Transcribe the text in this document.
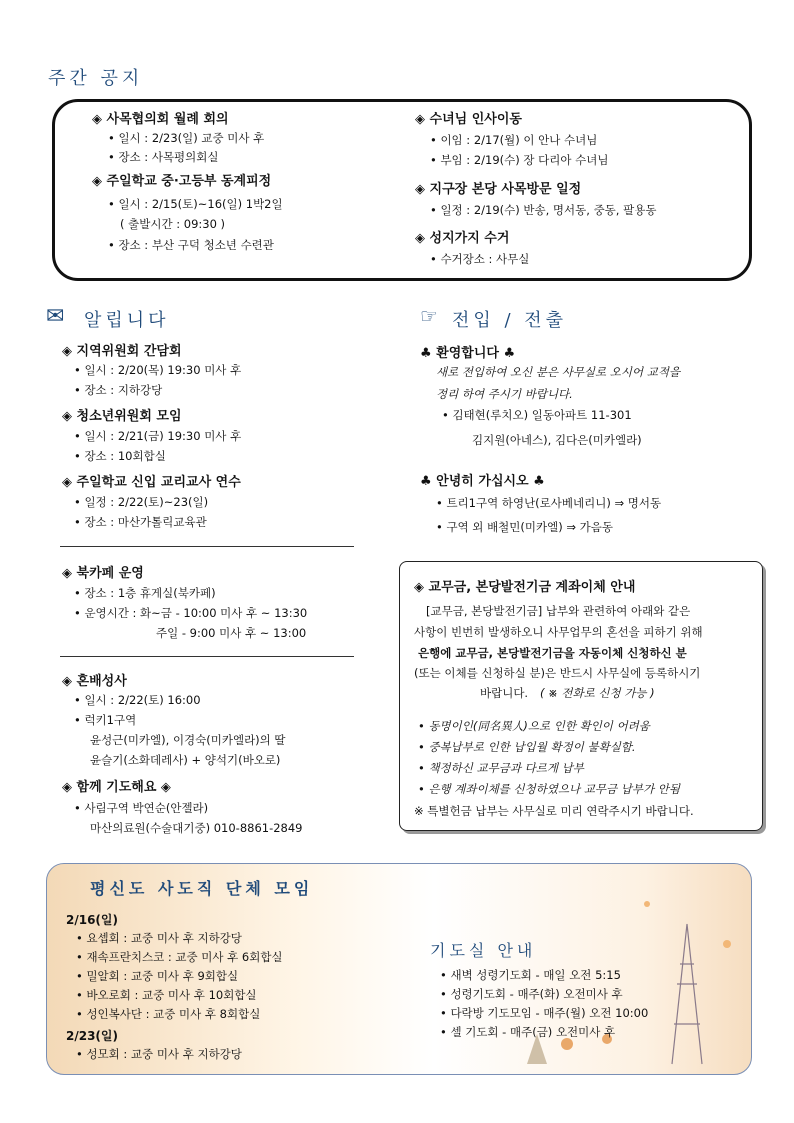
주간 공지
◈ 사목협의회 월례 회의
• 일시 : 2/23(일) 교중 미사 후
• 장소 : 사목평의회실
◈ 주일학교 중·고등부 동계피정
• 일시 : 2/15(토)~16(일) 1박2일
( 출발시간 : 09:30 )
• 장소 : 부산 구덕 청소년 수련관
◈ 수녀님 인사이동
• 이임 : 2/17(월) 이 안나 수녀님
• 부임 : 2/19(수) 장 다리아 수녀님
◈ 지구장 본당 사목방문 일정
• 일정 : 2/19(수) 반송, 명서동, 중동, 팔용동
◈ 성지가지 수거
• 수거장소 : 사무실
✉ 알립니다
◈ 지역위원회 간담회
• 일시 : 2/20(목) 19:30 미사 후
• 장소 : 지하강당
◈ 청소년위원회 모임
• 일시 : 2/21(금) 19:30 미사 후
• 장소 : 10회합실
◈ 주일학교 신입 교리교사 연수
• 일정 : 2/22(토)~23(일)
• 장소 : 마산가톨릭교육관
◈ 북카페 운영
• 장소 : 1층 휴게실(북카페)
• 운영시간 : 화~금 - 10:00 미사 후 ~ 13:30
주일 - 9:00 미사 후 ~ 13:00
◈ 혼배성사
• 일시 : 2/22(토) 16:00
• 럭키1구역
윤성근(미카엘), 이경숙(미카엘라)의 딸
윤슬기(소화데레사) + 양석기(바오로)
◈ 함께 기도해요 ◈
• 사림구역 박연순(안젤라)
마산의료원(수술대기중) 010-8861-2849
☞ 전입 / 전출
♣ 환영합니다 ♣
새로 전입하여 오신 분은 사무실로 오시어 교적을
정리 하여 주시기 바랍니다.
• 김태현(루치오) 일동아파트 11-301
김지원(아네스), 김다은(미카엘라)
♣ 안녕히 가십시오 ♣
• 트리1구역 하영난(로사베네리니) ⇒ 명서동
• 구역 외 배철민(미카엘) ⇒ 가음동
◈ 교무금, 본당발전기금 계좌이체 안내
[교무금, 본당발전기금] 납부와 관련하여 아래와 같은
사항이 빈번히 발생하오니 사무업무의 혼선을 피하기 위해
은행에 교무금, 본당발전기금을 자동이체 신청하신 분
(또는 이체를 신청하실 분)은 반드시 사무실에 등록하시기
바랍니다. ( ※ 전화로 신청 가능 )
• 동명이인(同名異人)으로 인한 확인이 어려움
• 중복납부로 인한 납입월 확정이 불확실함.
• 책정하신 교무금과 다르게 납부
• 은행 계좌이체를 신청하였으나 교무금 납부가 안됨
※ 특별헌금 납부는 사무실로 미리 연락주시기 바랍니다.
평신도 사도직 단체 모임
2/16(일)
• 요셉회 : 교중 미사 후 지하강당
• 재속프란치스코 : 교중 미사 후 6회합실
• 밀알회 : 교중 미사 후 9회합실
• 바오로회 : 교중 미사 후 10회합실
• 성인복사단 : 교중 미사 후 8회합실
2/23(일)
• 성모회 : 교중 미사 후 지하강당
기도실 안내
• 새벽 성령기도회 - 매일 오전 5:15
• 성령기도회 - 매주(화) 오전미사 후
• 다락방 기도모임 - 매주(월) 오전 10:00
• 셀 기도회 - 매주(금) 오전미사 후
